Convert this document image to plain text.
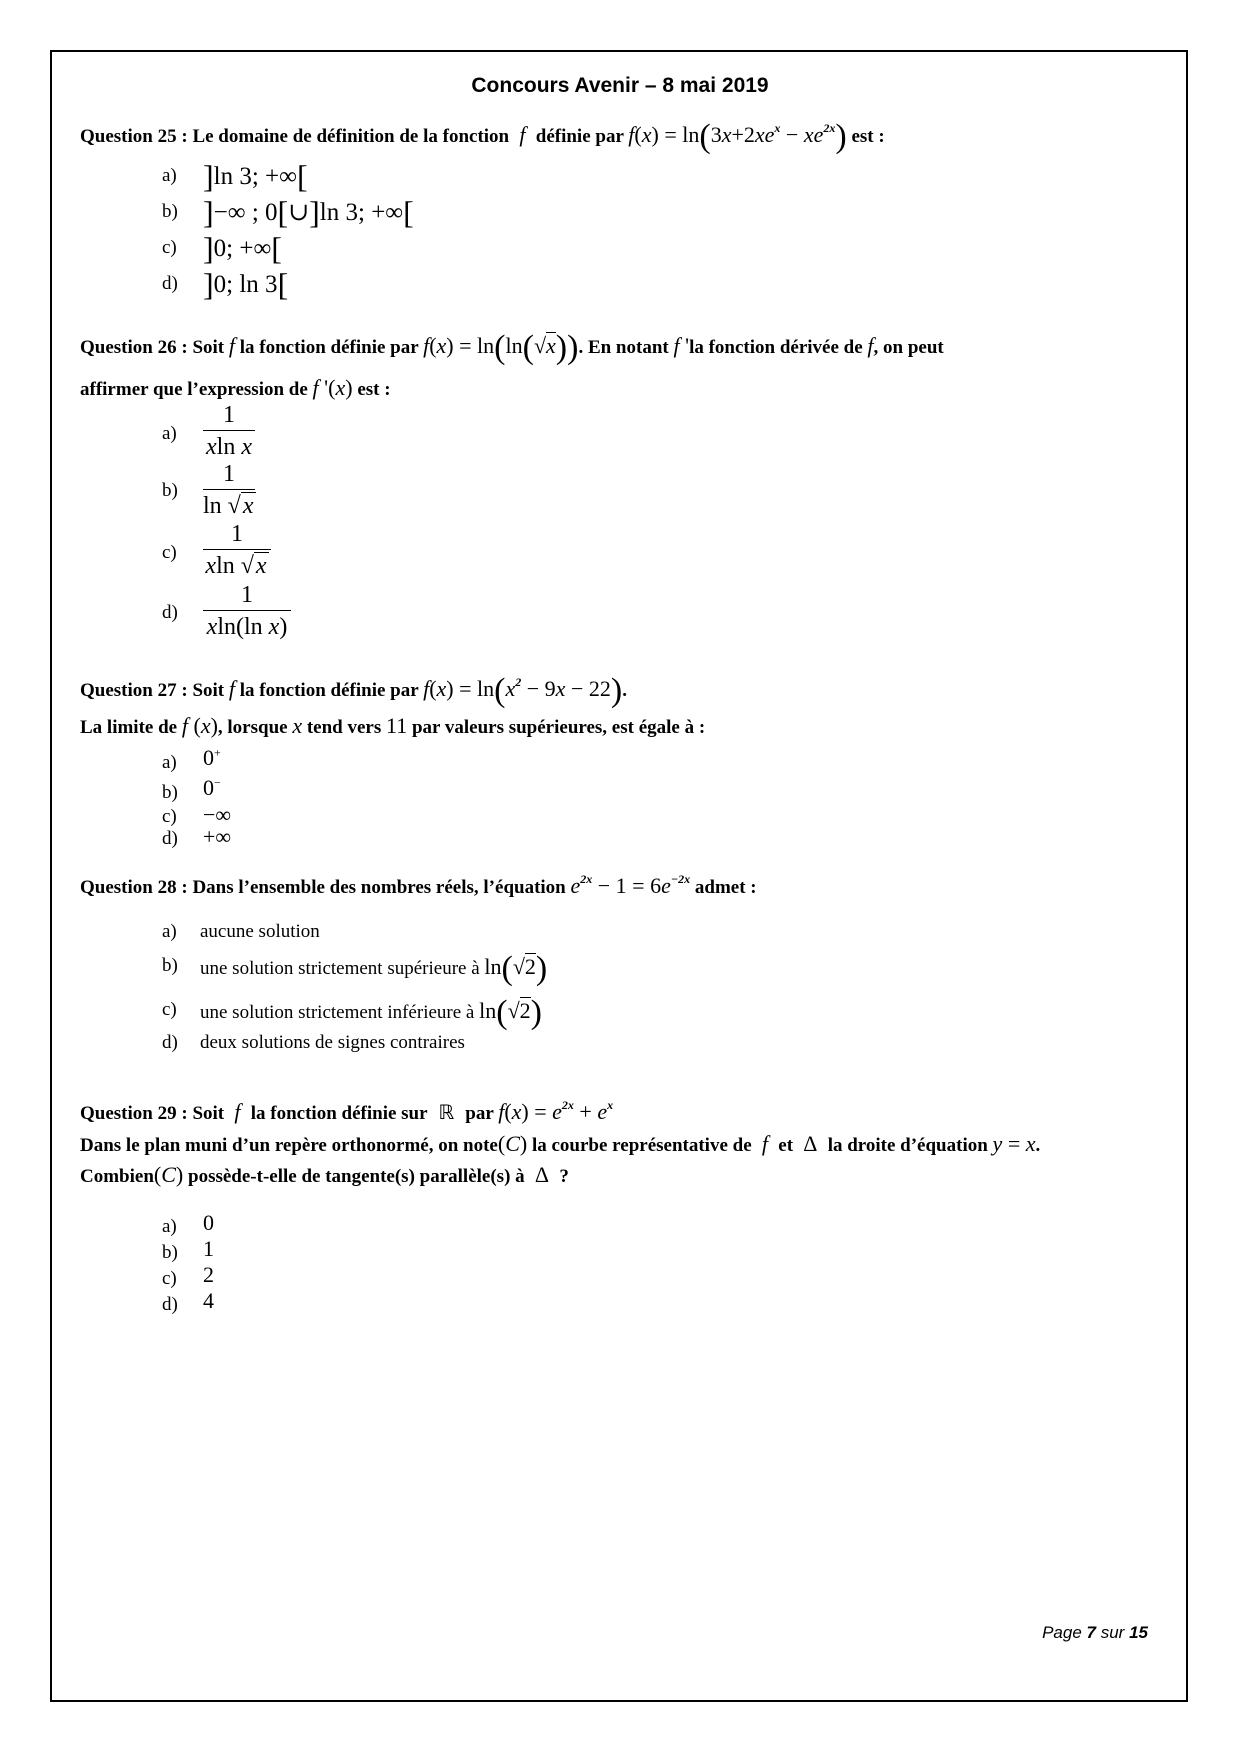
Concours Avenir – 8 mai 2019
Question 25 : Le domaine de définition de la fonction  f  définie par $f(x) = \ln(3x+2xe^x - xe^{2x})$ est :
a) ]ln 3; +∞[
b) ]−∞ ; 0[∪]ln 3; +∞[
c) ]0; +∞[
d) ]0; ln 3[
Question 26 : Soit f la fonction définie par f(x) = ln(ln(√x)). En notant f 'la fonction dérivée de f, on peut
affirmer que l’expression de f '(x) est :
a)
1
xln x
b)
1
ln √x
c)
1
xln √x
d)
1
xln(ln x)
Question 27 : Soit f la fonction définie par $f(x) = \ln(x^2 - 9x - 22)$.
La limite de f (x), lorsque x tend vers 11 par valeurs supérieures, est égale à :
a) 0+
b) 0−
c) −∞
d) +∞
Question 28 : Dans l’ensemble des nombres réels, l’équation $e^{2x} - 1 = 6e^{-2x}$ admet :
a) aucune solution
b) une solution strictement supérieure à ln(√2)
c) une solution strictement inférieure à ln(√2)
d) deux solutions de signes contraires
Question 29 : Soit  f  la fonction définie sur  ℝ  par $f(x) = e^{2x} + e^x$
Dans le plan muni d’un repère orthonormé, on note(C) la courbe représentative de  f  et  Δ  la droite d’équation y = x.
Combien(C) possède-t-elle de tangente(s) parallèle(s) à  Δ  ?
a) 0
b) 1
c) 2
d) 4
Page 7 sur 15
